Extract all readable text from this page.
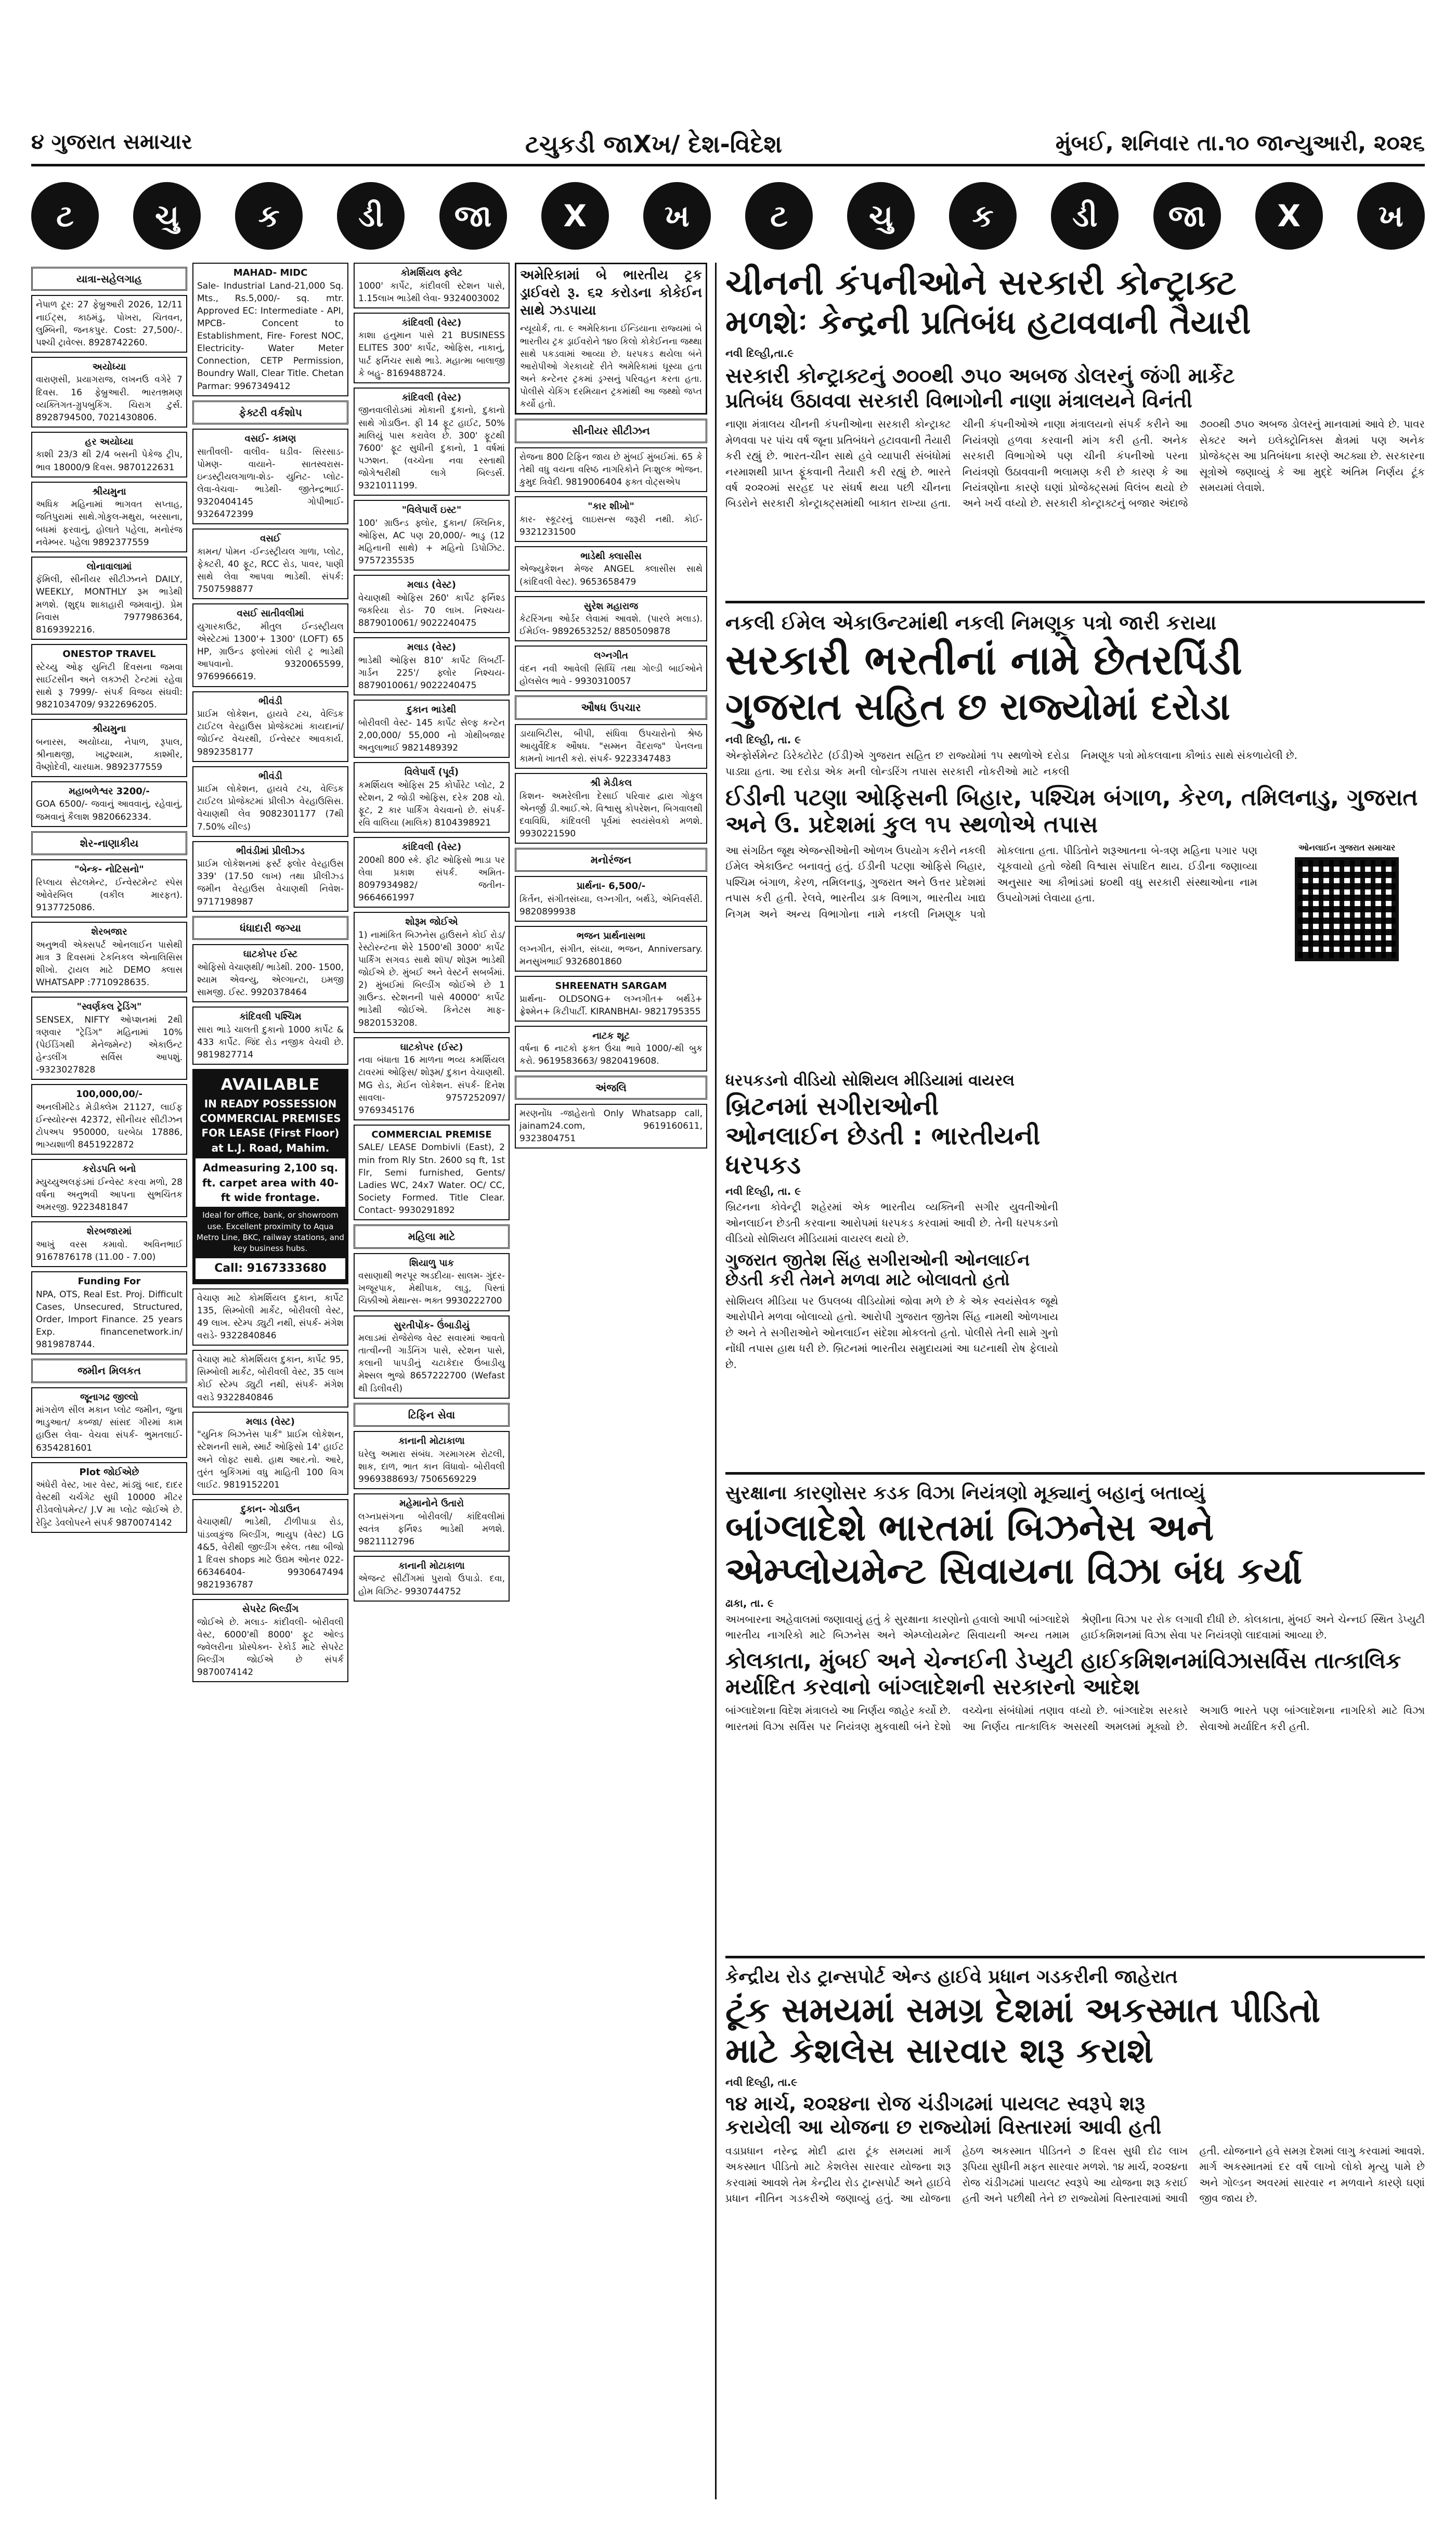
૪ ગુજરાત સમાચાર	ટચુકડી જાXખ/ દેશ-વિદેશ	મુંબઈ, શનિવાર તા.૧૦ જાન્યુઆરી, ૨૦૨૬
ટ	ચુ	ક	ડી	જા	X	ખ	ટ	ચુ	ક	ડી	જા	X	ખ
યાત્રા-સહેલગાહ
નેપાળ ટૂર: 27 ફેબ્રુઆરી 2026, 12/11 નાઈટ્સ, કાઠમંડુ, પોખરા, ચિતવન, લુમ્બિની, જનકપુર. Cost: 27,500/-. પશ્ચી ટ્રાવેલ્સ. 8928742260.
અયોધ્યા
વારાણસી, પ્રયાગરાજ, લખનઉ વગેરે 7 દિવસ. 16 ફેબ્રુઆરી. ભારતભ્રમણ વ્યક્તિગત-ગ્રુપબુકિંગ. ચિરાગ ટુર્સ. 8928794500, 7021430806.
હર અયોધ્યા
કાશી 23/3 થી 2/4 બસની પેકેજ ટ્રીપ, ભાવ 18000/9 દિવસ. 9870122631
શ્રીયમુના
અધિક મહિનામાં ભાગવત સપ્તાહ, જતિપુરામાં સાથે.ગોકુલ-મથુરા, બરસાના, બધમાં ફરવાનું, હોલાતે પહેલા, મનોરંજ નવેમ્બર. પહેલા 9892377559
લોનાવાલામાં
ફૅમિલી, સીનીયર સીટીઝનને DAILY, WEEKLY, MONTHLY રૂમ ભાડેથી મળશે. (શુદ્ધ શાકાહારી જમવાનું). પ્રેમ નિવાસ 7977986364, 8169392216.
ONESTOP TRAVEL
સ્ટેચ્યુ ઓફ યુનિટી દિવસના જમવા સાઈટસીન અને લક્ઝરી ટેન્ટમાં રહેવા સાથે રૂ 7999/- સંપર્ક વિજય સંઘવી: 9821034709/ 9322696205.
શ્રીયમુના
બનારસ, અયોધ્યા, નેપાળ, રૂપાલ, શ્રીનાથજી, ખાટુશ્યામ, કાશ્મીર, વૈષ્ણોદેવી, ચારધામ. 9892377559
મહાબળેશ્વર 3200/-
GOA 6500/- જવાનું આવવાનું, રહેવાનું, જમવાનું કૈલાશ 9820662334.
શેર-નાણાકીય
"બેન્ક- નોટિસનો"
રિપ્લાય સેટલમેન્ટ, ઈન્વેસ્ટમેન્ટ સ્પેસ ઓવેરબિલ (વકીલ મારફત). 9137725086.
શેરબજાર
અનુભવી એક્સપર્ટ ઓનલાઈન પાસેથી માત્ર 3 દિવસમાં ટેકનિકલ એનાલિસિસ શીખો. ટ્રાયલ માટે DEMO ક્લાસ WHATSAPP :7710928635.
"સ્વર્ણકલ ટ્રેડિંગ"
SENSEX, NIFTY ઓપ્શનમાં 2થી ત્રણવાર "ટ્રેડિંગ" મહિનામાં 10% (પેઈડિંગથી મેનેજમેન્ટ) એકાઉન્ટ હેન્ડલીંગ સર્વિસ આપશું. -9323027828
100,000,00/-
અનલીમીટેડ મેડીક્લેમ 21127, લાઈફ ઈન્સ્યોરન્સ 42372, સીનીયર સીટીઝન ટોપઅપ 950000, ઘરબેઠા 17886, ભાગ્યશાળી 8451922872
કરોડપતિ બનો
મ્યુચ્યુઅલફંડમાં ઈન્વેસ્ટ કરવા મળો, 28 વર્ષના અનુભવી આપના સુભચિંતક અમરજી. 9223481847
શેરબજારમાં
આખું વરસ કમાવો. અવિનભાઈ 9167876178 (11.00 - 7.00)
Funding For
NPA, OTS, Real Est. Proj. Difficult Cases, Unsecured, Structured, Order, Import Finance. 25 years Exp. financenetwork.in/ 9819878744.
જમીન મિલકત
જૂનાગઢ જીલ્લો
માંગરોળ સીલ મકાન પ્લોટ જમીન, જુના ભાડુઆત/ કબ્જા/ સાંસદ ગીરમાં કામ હાઉસ લેવા- વેચવા સંપર્ક- ભુમતલાઈ- 6354281601
Plot જોઈએછે
અંધેરી વેસ્ટ, ખાર વેસ્ટ, માંડ્યું બાદ, દાદર વેસ્ટથી ચર્ચગેટ સુધી 10000 મીટર રીડેવલોપમેન્ટ/ J.V મા પ્લોટ જોઈએ છે. રેડ્ડિટ ડેવલોપરને સંપર્ક 9870074142
MAHAD- MIDC
Sale- Industrial Land-21,000 Sq. Mts., Rs.5,000/- sq. mtr. Approved EC: Intermediate - API, MPCB- Concent to Establishment, Fire- Forest NOC, Electricity- Water Meter Connection, CETP Permission, Boundry Wall, Clear Title. Chetan Parmar: 9967349412
ફેક્ટરી વર્કશોપ
વસઈ- કામણ
સાતીવલી- વાલીવ- ઘડીવ- સિરસાડ- પોમણ- વાયાને- સાતસ્વરાસ- ઇન્ડસ્ટ્રીયલગાળા-શેડ- યુનિટ- પ્લોટ- લેવા-વેચવા- ભાડેથી- જીતેન્દ્રભાઈ- 9320404145 ગોપીભાઈ- 9326472399
વસઈ
કામન/ પોમન -ઈન્ડસ્ટ્રીયલ ગાળા, પ્લોટ, ફેક્ટરી, 40 ફૂટ, RCC રોડ, પાવર, પાણી સાથે લેવા આપવા ભાડેથી. સંપર્ક: 7507598877
વસઈ સાતીવલીમાં
યુગારકાઉટ, મીતુલ ઈન્ડસ્ટ્રીયલ એસ્ટેટમાં 1300'+ 1300' (LOFT) 65 HP, ગ્રાઉન્ડ ફ્લોરમાં લોરી ટ્ર ભાડેથી આપવાનો. 9320065599, 9769966619.
ભીવંડી
પ્રાઈમ લોકેશન, હાયવે ટચ, વેલ્ડિક ટાઈટલ વેરહાઉસ પ્રોજેક્ટમાં કાયદાનાં/ જોઈન્ટ વેચરથી, ઈન્વેસ્ટર આવકાર્ય. 9892358177
ભીવંડી
પ્રાઈમ લોકેશન, હાયવે ટચ, વેલ્ડિક ટાઈટલ પ્રોજેક્ટમાં પ્રીલીઝ વેરહાઉસિસ. વેચાણથી લેવ 9082301177 (7થી 7.50% યીલ્ડ)
ભીવંડીમાં પ્રીલીઝ્ડ
પ્રાઈમ લોકેશનમાં ફર્સ્ટ ફ્લોર વેરહાઉસ 339' (17.50 લાખ) તથા પ્રીલીઝ્ડ જમીન વેરહાઉસ વેચાણથી નિવેશ- 9717198987
ધંધાદારી જગ્યા
ઘાટકોપર ઈસ્ટ
ઓફિસો વેચાણથી/ ભાડેથી. 200- 1500, શ્યામ એવન્યુ, એલ્ગાન્ટા, ઇમજી સામજી. ઈસ્ટ. 9920378464
કાંદિવલી પશ્ચિમ
સારા ભાડે ચાલતી દુકાનો 1000 કાર્પેટ & 433 કાર્પેટ. જિંદ રોડ નજીક વેચવી છે. 9819827714
AVAILABLE
IN READY POSSESSION
COMMERCIAL PREMISES FOR LEASE (First Floor) at L.J. Road, Mahim.
Admeasuring 2,100 sq. ft. carpet area with 40-ft wide frontage.
Ideal for office, bank, or showroom use. Excellent proximity to Aqua Metro Line, BKC, railway stations, and key business hubs.
Call: 9167333680
વેચાણ માટે કોમર્શિયલ દુકાન, કાર્પેટ 135, સિમ્બોલી માર્કેટ, બોરીવલી વેસ્ટ, 49 લાખ. સ્ટેમ્પ ડ્યુટી નથી, સંપર્ક- મંગેશ વરાડે- 9322840846
વેચાણ માટે કોમર્શિયલ દુકાન, કાર્પેટ 95, સિમ્બોલી માર્કેટ, બોરીવલી વેસ્ટ, 35 લાખ કોઈ સ્ટેમ્પ ડ્યુટી નથી, સંપર્ક- મંગેશ વરાડે 9322840846
મલાડ (વેસ્ટ)
"યુનિક બિઝનેસ પાર્ક" પ્રાઈમ લોકેશન, સ્ટેશનની સામે, સ્માર્ટ ઓફિસો 14' હાઈટ અને લોફ્ટ સાથે. હાથ આર.નો. આરે, તુરંત બુકિંગમાં વધુ માહિતી 100 વિગ લાઈટ. 9819152201
દુકાન- ગોડાઉન
વેચાણથી/ ભાડેથી, ટીળીપાડા રોડ, પાંડવ્વકુંજ બિલ્ડીંગ, ભાયુપ (વેસ્ટ) LG 4&5, વેરીથી જીલ્ડીંગ સ્કેલ. તથા બીજો 1 દિવસ shops માટે ઉદ્યમ ઓનર 022-66346404- 9930647494 9821936787
સેપરેટ બિલ્ડીંગ
જોઈએ છે. મલાડ- કાંદીવલી- બોરીવલી વેસ્ટ, 6000'થી 8000' ફૂટ ઓલ્ડ જ્વેલરીના પ્રોસ્પેક્ન- રેકોર્ડ માટે સેપરેટ બિલ્ડીંગ જોઈએ છે સંપર્ક 9870074142
કોમર્શિયલ ફ્લેટ
1000' કાર્પેટ, કાંદીવલી સ્ટેશન પાસે, 1.15લાખ ભાડેથી લેવા- 9324003002
કાંદિવલી (વેસ્ટ)
કાશા હનુમાન પાસે 21 BUSINESS ELITES 300' કાર્પેટ, ઓફિસ, નાકાનું, પાર્ટ ફર્નિચર સાથે ભાડે. મહાત્મા બાલાજી કે બહુ- 8169488724.
કાંદિવલી (વેસ્ટ)
જીનવાલીરોડમાં મોકાની દુકાનો, દુકાનો સાથે ગોડાઉન. ફી 14 ફૂટ હાઈટ, 50% માલિયું પાસ કરાવેલ છે. 300' ફૂટથી 7600' ફૂટ સુધીની દુકાનો, 1 વર્ષમાં પઝશન. (વચ્ચેના નવા રસ્તાથી જોગેશ્વરીથી લાગે બિલ્ડર્સ. 9321011199.
"વિલેપાર્લે ઇસ્ટ"
100' ગ્રાઉન્ડ ફ્લોર, દુકાન/ ક્લિનિક, ઓફિસ, AC પણ 20,000/- ભાડુ (12 મહિનાની સાથે) + મહિનો ડિપોઝિટ. 9757235535
મલાડ (વેસ્ટ)
વેચાણથી ઓફિસ 260' કાર્પેટ ફર્નિશ્ડ જકરિયા રોડ- 70 લાખ. નિશ્ચય- 8879010061/ 9022240475
મલાડ (વેસ્ટ)
ભાડેથી ઓફિસ 810' કાર્પેટ લિબર્ટી- ગાર્ડન 225'/ ફ્લોર નિશ્ચય- 8879010061/ 9022240475
દુકાન ભાડેથી
બોરીવલી વેસ્ટ- 145 કાર્પેટ સેલ્ફ કન્ટેન 2,00,000/ 55,000 નો ગોથીબજાર અનુલાભાઈ 9821489392
વિલેપાર્લે (પૂર્વ)
કમર્શિયલ ઓફિસ 25 કોર્પોરેટ પ્લોટ, 2 સ્ટેશન, 2 જોડી ઓફિસ, દરેક 208 ચો. ફૂટ, 2 કાર પાર્કિંગ વેચવાનો છે. સંપર્ક- રવિ વાલિયા (માલિક) 8104398921
કાંદિવલી (વેસ્ટ)
200થી 800 સ્કે. ફીટ ઓફિસો ભાડા પર લેવા પ્રકાશ સંપર્ક. અમિત- 8097934982/ જતીન- 9664661997
શોરૂમ જોઈએ
1) નામાંકિત બિઝનેસ હાઉસને કોઈ રોડ/ રેસ્ટોરન્ટના શેરે 1500'થી 3000' કાર્પેટ પાર્કિંગ સગવડ સાથે શૉપ/ શોરૂમ ભાડેથી જોઈએ છે. મુંબઈ અને વેસ્ટર્ન સબર્બમાં. 2) મુંબઈમાં બિલ્ડીંગ જોઈએ છે 1 ગ્રાઉન્ડ. સ્ટેશનની પાસે 40000' કાર્પેટ ભાડેથી જોઈએ. કિનેટસ માફ- 9820153208.
ઘાટકોપર (ઈસ્ટ)
નવા બંધાતા 16 માળના ભવ્ય કમર્શિયલ ટાવરમાં ઓફિસ/ શોરૂમ/ દુકાન વેચાણથી. MG રોડ, મેઈન લોકેશન. સંપર્ક- દિનેશ સાવલા- 9757252097/ 9769345176
COMMERCIAL PREMISE
SALE/ LEASE Dombivli (East), 2 min from Rly Stn. 2600 sq ft, 1st Flr, Semi furnished, Gents/ Ladies WC, 24x7 Water. OC/ CC, Society Formed. Title Clear. Contact- 9930291892
મહિલા માટે
શિયાળુ પાક
વસાણાથી ભરપૂર અડદીયા- સાલમ- ગુંદર- ખજૂરપાક, મેથીપાક, લાડુ, પિસ્તાં ચિક્કીઓ મેથાન્સ- ભક્ત 9930222700
સુરતીપોંક- ઉંબાડીયું
મલાડમાં રોજેરોજ વેસ્ટ સવારમાં આવતો તાત્વીન્ની ગાર્ડનિંગ પાસે, સ્ટેશન પાસે, કલાની પાપડીનું ચટાકેદાર ઉંબાડીયુ મેશ્સલ ભુજો 8657222700 (Wefast થી ડિલીવરી)
ટિફિન સેવા
કાનાની મોટાકાળા
ઘરેલુ અમારા સંબંધ. ગરમાગરમ રોટલી, શાક, દાળ, ભાત કાન વિંધાવો- બોરીવલી 9969388693/ 7506569229
મહેમાનોને ઉતારો
લગ્નપ્રસંગના બોરીવલી/ કાંદિવલીમાં સ્વતંત્ર ફર્નિશ્ડ ભાડેથી મળશે. 9821112796
કાનાની મોટાકાળા
એજન્ટ સીટીંગમાં પુરાવો ઉપાડો. દવા, હોમ વિઝિટ- 9930744752
અમેરિકામાં બે ભારતીય ટ્રક ડ્રાઈવરો રૂ. ૬૨ કરોડના કોકેઈન સાથે ઝડપાયા
ન્યૂયોર્ક, તા. ૯ અમેરિકાના ઈન્ડિયાના રાજ્યમાં બે ભારતીય ટ્રક ડ્રાઈવરોને ૧૪૦ કિલો કોકેઈનના જથ્થા સાથે પકડવામાં આવ્યા છે. ધરપકડ થયેલા બંને આરોપીઓ ગેરકાયદે રીતે અમેરિકામાં ઘૂસ્યા હતા અને કન્ટેનર ટ્રકમાં ડ્રગ્સનું પરિવહન કરતા હતા. પોલીસે ચેકિંગ દરમિયાન ટ્રકમાંથી આ જથ્થો જપ્ત કર્યો હતો.
સીનીયર સીટીઝન
રોજના 800 ટિફિન જાય છે મુંબઈ મુંબઈમાં. 65 કે તેથી વધુ વયના વરિષ્ઠ નાગરિકોને નિઃશુલ્ક ભોજન. કુમુદ ત્રિવેદી. 9819006404 ફક્ત વોટ્સએપ
"કાર શીખો"
કાર- સ્કૂટરનું લાઇસન્સ જરૂરી નથી. કોઈ- 9321231500
ભાડેથી ક્લાસીસ
એજ્યુકેશન મેજર ANGEL ક્લાસીસ સાથે (કાંદિવલી વેસ્ટ). 9653658479
સુરેશ મહારાજ
કેટરિંગના ઓર્ડર લેવામાં આવશે. (પારલે મલાડ). ઈમેઈલ- 9892653252/ 8850509878
લગ્નગીત
વંદન નવી આવેલી સિધ્ધિ તથા ગોલ્ડી બાઈઓને હોલસેલ ભાવે - 9930310057
ઔષધ ઉપચાર
ડાયાબિટીસ, બીપી, સંધિવા ઉપચારોનો શ્રેષ્ઠ આયુર્વેદિક ઔષધ. "સમ્મન વૈદરાજ" પેનલના કામનો ખાતરી કરો. સંપર્ક- 9223347483
શ્રી મેડીકલ
કિશન- અમરેલીના દેસાઈ પરિવાર દ્વારા ગોકુલ એનર્જી ડી.આઈ.એ. વિશ્વાસુ કોપરેશન, બિગવાલથી દવાવિધિ, કાંદિવલી પૂર્વમાં સ્વયંસેવકો મળશે. 9930221590
મનોરંજન
પ્રાર્થના- 6,500/-
કિર્તન, સંગીતસંધ્યા, લગ્નગીત, બર્થડે, એનિવર્સરી. 9820899938
ભજન પ્રાર્થનાસભા
લગ્નગીત, સંગીત, સંધ્યા, ભજન, Anniversary. મનસુખભાઈ 9326801860
SHREENATH SARGAM
પ્રાર્થના- OLDSONG+ લગ્નગીત+ બર્થડે+ ફ્રેશ્મેન+ કિટીપાર્ટી. KIRANBHAI- 9821795355
નાટક શૂટ
વર્ષના 6 નાટકો ફક્ત ઉંચા ભાવે 1000/-થી બુક કરો. 9619583663/ 9820419608.
અંજલિ
મરણનોંધ -જાહેરાતો Only Whatsapp call, jainam24.com, 9619160611, 9323804751
ચીનની કંપનીઓને સરકારી કોન્ટ્રાક્ટ
મળશેઃ કેન્દ્રની પ્રતિબંધ હટાવવાની તૈયારી
નવી દિલ્હી,તા.૯
સરકારી કોન્ટ્રાક્ટનું ૭૦૦થી ૭૫૦ અબજ ડોલરનું જંગી માર્કેટ
પ્રતિબંધ ઉઠાવવા સરકારી વિભાગોની નાણા મંત્રાલયને વિનંતી
નાણા મંત્રાલય ચીનની કંપનીઓના સરકારી કોન્ટ્રાક્ટ મેળવવા પર પાંચ વર્ષ જૂના પ્રતિબંધને હટાવવાની તૈયારી કરી રહ્યું છે. ભારત-ચીન સાથે હવે વ્યાપારી સંબંધોમાં નરમાશથી પ્રાપ્ત ફૂંકવાની તૈયારી કરી રહ્યું છે. ભારતે વર્ષ ૨૦૨૦માં સરહદ પર સંઘર્ષ થયા પછી ચીનના બિડરોને સરકારી કોન્ટ્રાક્ટ્સમાંથી બાકાત રાખ્યા હતા. ચીની કંપનીઓએ નાણા મંત્રાલયનો સંપર્ક કરીને આ નિયંત્રણો હળવા કરવાની માંગ કરી હતી. અનેક સરકારી વિભાગોએ પણ ચીની કંપનીઓ પરના નિયંત્રણો ઉઠાવવાની ભલામણ કરી છે કારણ કે આ નિયંત્રણોના કારણે ઘણાં પ્રોજેક્ટ્સમાં વિલંબ થયો છે અને ખર્ચ વધ્યો છે. સરકારી કોન્ટ્રાક્ટનું બજાર અંદાજે ૭૦૦થી ૭૫૦ અબજ ડોલરનું માનવામાં આવે છે. પાવર સેક્ટર અને ઇલેક્ટ્રોનિક્સ ક્ષેત્રમાં પણ અનેક પ્રોજેક્ટ્સ આ પ્રતિબંધના કારણે અટક્યા છે. સરકારના સૂત્રોએ જણાવ્યું કે આ મુદ્દે અંતિમ નિર્ણય ટૂંક સમયમાં લેવાશે.
નકલી ઈમેલ એકાઉન્ટમાંથી નકલી નિમણૂક પત્રો જારી કરાયા
સરકારી ભરતીનાં નામે છેતરપિંડી
ગુજરાત સહિત છ રાજ્યોમાં દરોડા
નવી દિલ્હી, તા. ૯
એન્ફોર્સમેન્ટ ડિરેક્ટોરેટ (ઈડી)એ ગુજરાત સહિત છ રાજ્યોમાં ૧૫ સ્થળોએ દરોડા પાડ્યા હતા. આ દરોડા એક મની લોન્ડરિંગ તપાસ સરકારી નોકરીઓ માટે નકલી નિમણૂક પત્રો મોકલવાના કૌભાંડ સાથે સંકળાયેલી છે.
ઈડીની પટણા ઓફિસની બિહાર, પશ્ચિમ બંગાળ, કેરળ, તમિલનાડુ, ગુજરાત અને ઉ. પ્રદેશમાં કુલ ૧૫ સ્થળોએ તપાસ
આ સંગઠિત જૂથ એજન્સીઓની ઓળખ ઉપયોગ કરીને નકલી ઈમેલ એકાઉન્ટ બનાવતું હતું. ઈડીની પટણા ઓફિસે બિહાર, પશ્ચિમ બંગાળ, કેરળ, તમિલનાડુ, ગુજરાત અને ઉત્તર પ્રદેશમાં તપાસ કરી હતી. રેલવે, ભારતીય ડાક વિભાગ, ભારતીય ખાદ્ય નિગમ અને અન્ય વિભાગોના નામે નકલી નિમણૂક પત્રો મોકલાતા હતા. પીડિતોને શરૂઆતના બે-ત્રણ મહિના પગાર પણ ચૂકવાયો હતો જેથી વિશ્વાસ સંપાદિત થાય. ઈડીના જણાવ્યા અનુસાર આ કૌભાંડમાં ૪૦થી વધુ સરકારી સંસ્થાઓના નામ ઉપયોગમાં લેવાયા હતા.
ઓનલાઈન ગુજરાત સમાચાર
ધરપકડનો વીડિયો સોશિયલ મીડિયામાં વાયરલ
બ્રિટનમાં સગીરાઓની ઓનલાઈન છેડતી : ભારતીયની ધરપકડ
નવી દિલ્હી, તા. ૯
બ્રિટનના કોવેન્ટ્રી શહેરમાં એક ભારતીય વ્યક્તિની સગીર યુવતીઓની ઓનલાઈન છેડતી કરવાના આરોપમાં ધરપકડ કરવામાં આવી છે. તેની ધરપકડનો વીડિયો સોશિયલ મીડિયામાં વાયરલ થયો છે.
ગુજરાત જીતેશ સિંહ સગીરાઓની ઓનલાઈન છેડતી કરી તેમને મળવા માટે બોલાવતો હતો
સોશિયલ મીડિયા પર ઉપલબ્ધ વીડિયોમાં જોવા મળે છે કે એક સ્વયંસેવક જૂથે આરોપીને મળવા બોલાવ્યો હતો. આરોપી ગુજરાત જીતેશ સિંહ નામથી ઓળખાય છે અને તે સગીરાઓને ઓનલાઈન સંદેશા મોકલતો હતો. પોલીસે તેની સામે ગુનો નોંધી તપાસ હાથ ધરી છે. બ્રિટનમાં ભારતીય સમુદાયમાં આ ઘટનાથી રોષ ફેલાયો છે.
સુરક્ષાના કારણોસર કડક વિઝા નિયંત્રણો મૂક્યાનું બહાનું બતાવ્યું
બાંગ્લાદેશે ભારતમાં બિઝનેસ અને
એમ્પ્લોયમેન્ટ સિવાયના વિઝા બંધ કર્યા
ઢાકા, તા. ૯
અખબારના અહેવાલમાં જણાવાયું હતું કે સુરક્ષાના કારણોનો હવાલો આપી બાંગ્લાદેશે ભારતીય નાગરિકો માટે બિઝનેસ અને એમ્પ્લોયમેન્ટ સિવાયની અન્ય તમામ શ્રેણીના વિઝા પર રોક લગાવી દીધી છે. કોલકાતા, મુંબઈ અને ચેન્નઈ સ્થિત ડેપ્યુટી હાઈકમિશનમાં વિઝા સેવા પર નિયંત્રણો લાદવામાં આવ્યા છે.
કોલકાતા, મુંબઈ અને ચેન્નઈની ડેપ્યુટી હાઈકમિશનમાંવિઝાસર્વિસ તાત્કાલિક મર્યાદિત કરવાનો બાંગ્લાદેશની સરકારનો આદેશ
બાંગ્લાદેશના વિદેશ મંત્રાલયે આ નિર્ણય જાહેર કર્યો છે. ભારતમાં વિઝા સર્વિસ પર નિયંત્રણ મુકવાથી બંને દેશો વચ્ચેના સંબંધોમાં તણાવ વધ્યો છે. બાંગ્લાદેશ સરકારે આ નિર્ણય તાત્કાલિક અસરથી અમલમાં મૂક્યો છે. અગાઉ ભારતે પણ બાંગ્લાદેશના નાગરિકો માટે વિઝા સેવાઓ મર્યાદિત કરી હતી.
કેન્દ્રીય રોડ ટ્રાન્સપોર્ટ એન્ડ હાઈવે પ્રધાન ગડકરીની જાહેરાત
ટૂંક સમયમાં સમગ્ર દેશમાં અકસ્માત પીડિતો
માટે કેશલેસ સારવાર શરૂ કરાશે
નવી દિલ્હી, તા.૯
૧૪ માર્ચ, ૨૦૨૪ના રોજ ચંડીગઢમાં પાયલટ સ્વરૂપે શરૂ
કરાયેલી આ યોજના છ રાજ્યોમાં વિસ્તારમાં આવી હતી
વડાપ્રધાન નરેન્દ્ર મોદી દ્વારા ટૂંક સમયમાં માર્ગ અકસ્માત પીડિતો માટે કેશલેસ સારવાર યોજના શરૂ કરવામાં આવશે તેમ કેન્દ્રીય રોડ ટ્રાન્સપોર્ટ અને હાઈવે પ્રધાન નીતિન ગડકરીએ જણાવ્યું હતું. આ યોજના હેઠળ અકસ્માત પીડિતને ૭ દિવસ સુધી દોઢ લાખ રૂપિયા સુધીની મફત સારવાર મળશે. ૧૪ માર્ચ, ૨૦૨૪ના રોજ ચંડીગઢમાં પાયલટ સ્વરૂપે આ યોજના શરૂ કરાઈ હતી અને પછીથી તેને છ રાજ્યોમાં વિસ્તારવામાં આવી હતી. યોજનાને હવે સમગ્ર દેશમાં લાગુ કરવામાં આવશે. માર્ગ અકસ્માતમાં દર વર્ષે લાખો લોકો મૃત્યુ પામે છે અને ગોલ્ડન અવરમાં સારવાર ન મળવાને કારણે ઘણાં જીવ જાય છે.
